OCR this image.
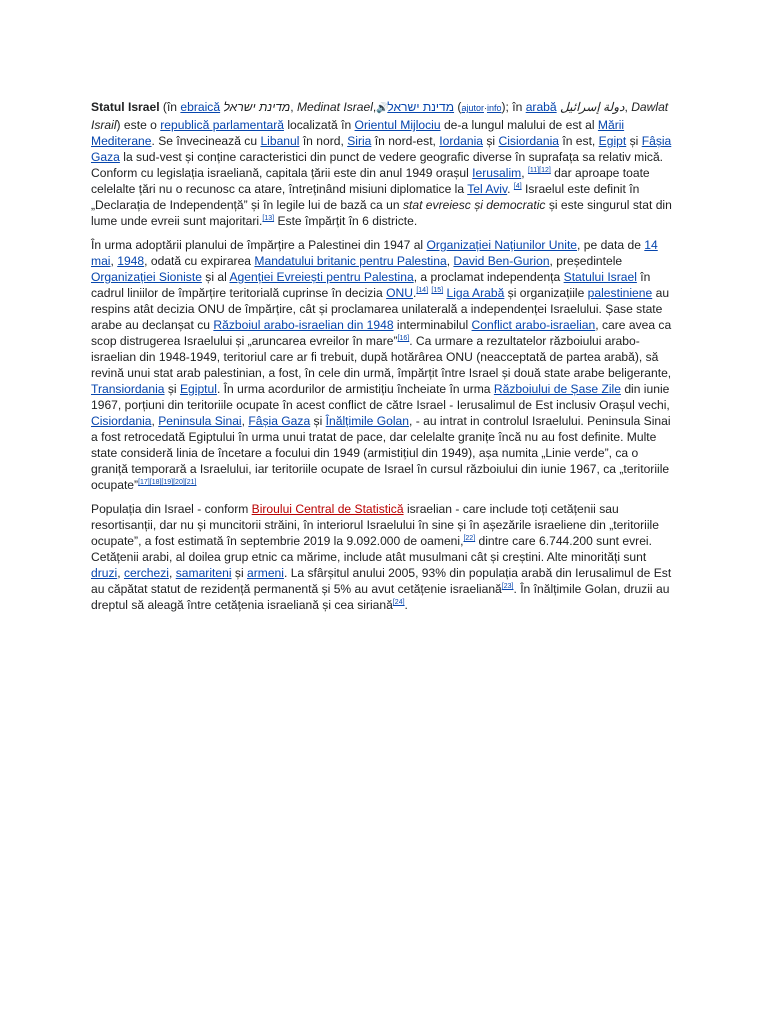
Statul Israel (în ebraică מדינת ישראל, Medinat Israel,🔊מדינת ישראל (ajutor·info); în arabă دولة إسرائيل, Dawlat Israil) este o republică parlamentară localizată în Orientul Mijlociu de-a lungul malului de est al Mării Mediterane. Se învecinează cu Libanul în nord, Siria în nord-est, Iordania și Cisiordania în est, Egipt și Fâșia Gaza la sud-vest și conține caracteristici din punct de vedere geografic diverse în suprafața sa relativ mică. Conform cu legislația israeliană, capitala țării este din anul 1949 orașul Ierusalim, [11][12] dar aproape toate celelalte țări nu o recunosc ca atare, întreținând misiuni diplomatice la Tel Aviv. [4] Israelul este definit în „Declarația de Independență” și în legile lui de bază ca un stat evreiesc și democratic și este singurul stat din lume unde evreii sunt majoritari.[13] Este împărțit în 6 districte.

În urma adoptării planului de împărțire a Palestinei din 1947 al Organizației Națiunilor Unite, pe data de 14 mai, 1948, odată cu expirarea Mandatului britanic pentru Palestina, David Ben-Gurion, președintele Organizației Sioniste și al Agenției Evreiești pentru Palestina, a proclamat independența Statului Israel în cadrul liniilor de împărțire teritorială cuprinse în decizia ONU.[14] [15] Liga Arabă și organizațiile palestiniene au respins atât decizia ONU de împărțire, cât și proclamarea unilaterală a independenței Israelului. Șase state arabe au declanșat cu Războiul arabo-israelian din 1948 interminabilul Conflict arabo-israelian, care avea ca scop distrugerea Israelului și „aruncarea evreilor în mare”[16]. Ca urmare a rezultatelor războiului arabo-israelian din 1948-1949, teritoriul care ar fi trebuit, după hotărârea ONU (neacceptată de partea arabă), să revină unui stat arab palestinian, a fost, în cele din urmă, împărțit între Israel și două state arabe beligerante, Transiordania și Egiptul. În urma acordurilor de armistițiu încheiate în urma Războiului de Șase Zile din iunie 1967, porțiuni din teritoriile ocupate în acest conflict de către Israel - Ierusalimul de Est inclusiv Orașul vechi, Cisiordania, Peninsula Sinai, Fâșia Gaza și Înălțimile Golan, - au intrat in controlul Israelului. Peninsula Sinai a fost retrocedată Egiptului în urma unui tratat de pace, dar celelalte granițe încă nu au fost definite. Multe state consideră linia de încetare a focului din 1949 (armistițiul din 1949), așa numita „Linie verde”, ca o graniță temporară a Israelului, iar teritoriile ocupate de Israel în cursul războiului din iunie 1967, ca „teritoriile ocupate”[17][18][19][20][21]

Populația din Israel - conform Biroului Central de Statistică israelian - care include toți cetățenii sau resortisanții, dar nu și muncitorii străini, în interiorul Israelului în sine și în așezările israeliene din „teritoriile ocupate”, a fost estimată în septembrie 2019 la 9.092.000 de oameni,[22] dintre care 6.744.200 sunt evrei. Cetățenii arabi, al doilea grup etnic ca mărime, include atât musulmani cât și creștini. Alte minorități sunt druzi, cerchezi, samariteni și armeni. La sfârșitul anului 2005, 93% din populația arabă din Ierusalimul de Est au căpătat statut de rezidență permanentă și 5% au avut cetățenie israeliană[23]. În înălțimile Golan, druzii au dreptul să aleagă între cetățenia israeliană și cea siriană[24].
